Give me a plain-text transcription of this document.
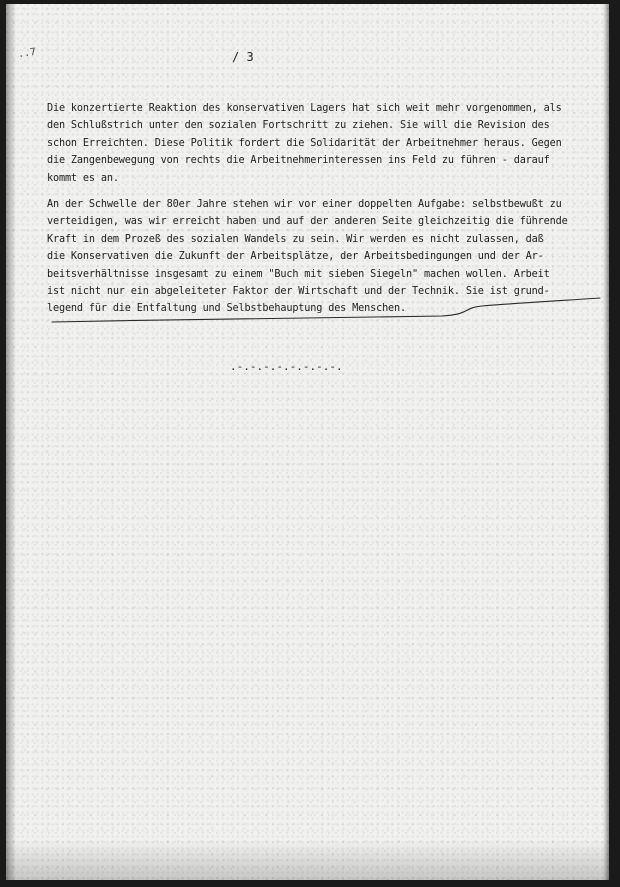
..7	/ 3
Die konzertierte Reaktion des konservativen Lagers hat sich weit mehr vorgenommen, als
den Schlußstrich unter den sozialen Fortschritt zu ziehen. Sie will die Revision des
schon Erreichten. Diese Politik fordert die Solidarität der Arbeitnehmer heraus. Gegen
die Zangenbewegung von rechts die Arbeitnehmerinteressen ins Feld zu führen - darauf
kommt es an.
An der Schwelle der 80er Jahre stehen wir vor einer doppelten Aufgabe: selbstbewußt zu
verteidigen, was wir erreicht haben und auf der anderen Seite gleichzeitig die führende
Kraft in dem Prozeß des sozialen Wandels zu sein. Wir werden es nicht zulassen, daß
die Konservativen die Zukunft der Arbeitsplätze, der Arbeitsbedingungen und der Ar-
beitsverhältnisse insgesamt zu einem "Buch mit sieben Siegeln" machen wollen. Arbeit
ist nicht nur ein abgeleiteter Faktor der Wirtschaft und der Technik. Sie ist grund-
legend für die Entfaltung und Selbstbehauptung des Menschen.
.-.-.-.-.-.-.-.-.
